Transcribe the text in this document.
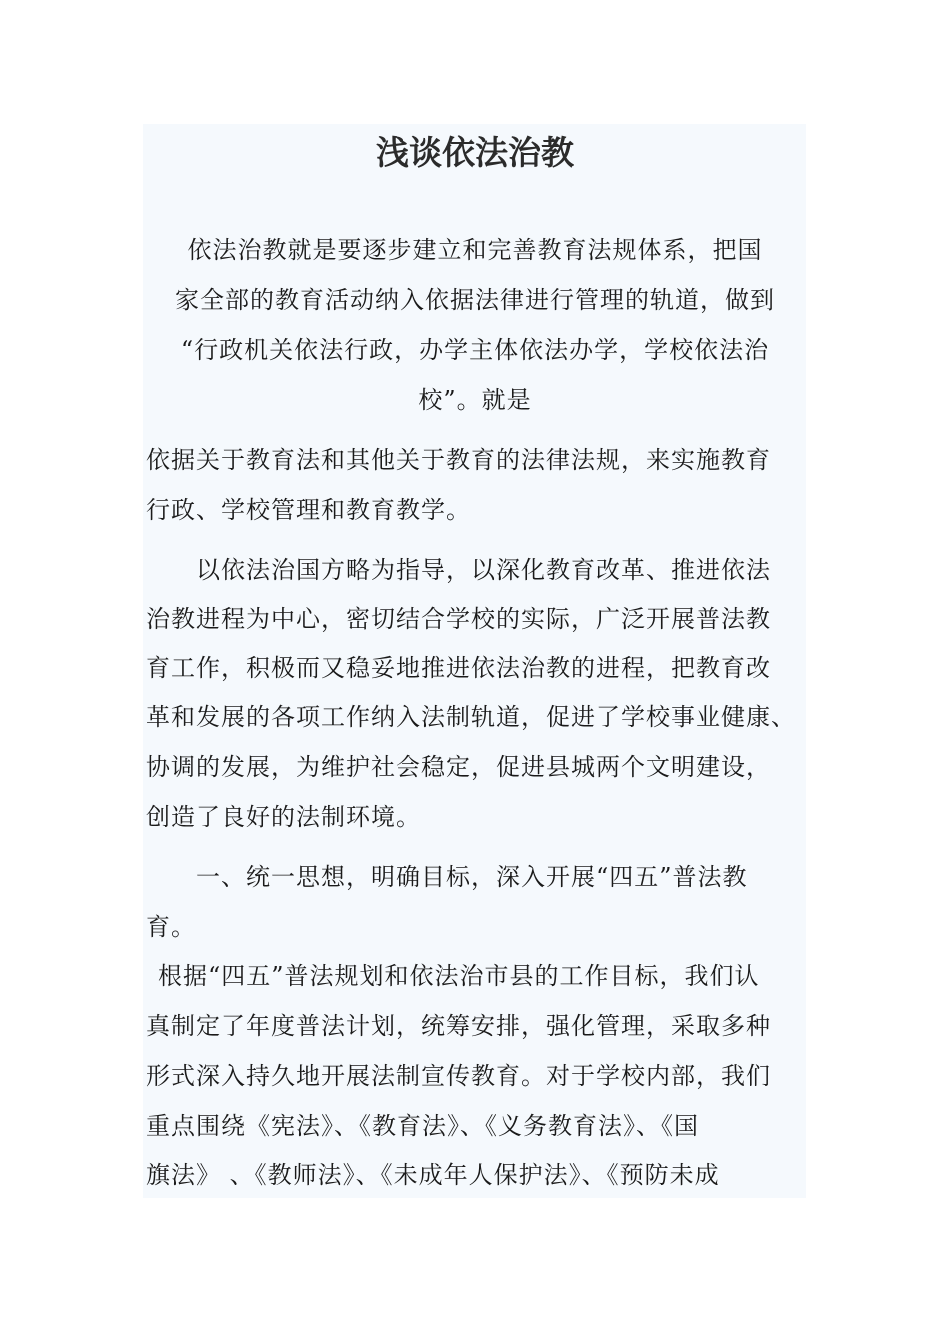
浅谈依法治教

依法治教就是要逐步建立和完善教育法规体系，把国

家全部的教育活动纳入依据法律进行管理的轨道，做到

“行政机关依法行政，办学主体依法办学，学校依法治

校”。就是

依据关于教育法和其他关于教育的法律法规，来实施教育

行政、学校管理和教育教学。

以依法治国方略为指导，以深化教育改革、推进依法

治教进程为中心，密切结合学校的实际，广泛开展普法教

育工作，积极而又稳妥地推进依法治教的进程，把教育改

革和发展的各项工作纳入法制轨道，促进了学校事业健康、

协调的发展，为维护社会稳定，促进县城两个文明建设，

创造了良好的法制环境。

一、统一思想，明确目标，深入开展“四五”普法教

育。

根据“四五”普法规划和依法治市县的工作目标，我们认

真制定了年度普法计划，统筹安排，强化管理，采取多种

形式深入持久地开展法制宣传教育。对于学校内部，我们

重点围绕《宪法》、《教育法》、《义务教育法》、《国

旗法》 、《教师法》、《未成年人保护法》、《预防未成
